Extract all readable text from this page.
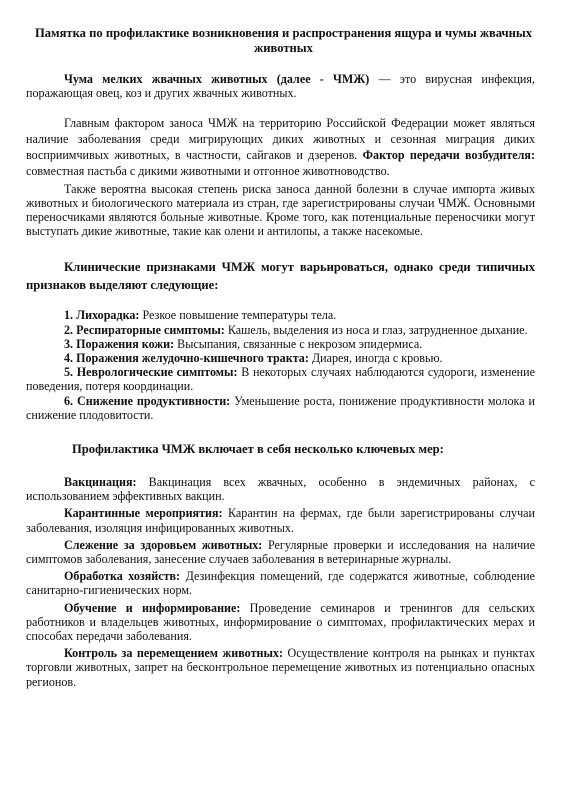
Памятка по профилактике возникновения и распространения ящура и чумы жвачных животных

Чума мелких жвачных животных (далее - ЧМЖ) — это вирусная инфекция, поражающая овец, коз и других жвачных животных.

Главным фактором заноса ЧМЖ на территорию Российской Федерации может являться наличие заболевания среди мигрирующих диких животных и сезонная миграция диких восприимчивых животных, в частности, сайгаков и дзеренов. Фактор передачи возбудителя: совместная пастьба с дикими животными и отгонное животноводство.

Также вероятна высокая степень риска заноса данной болезни в случае импорта живых животных и биологического материала из стран, где зарегистрированы случаи ЧМЖ. Основными переносчиками являются больные животные. Кроме того, как потенциальные переносчики могут выступать дикие животные, такие как олени и антилопы, а также насекомые.

Клинические признаками ЧМЖ могут варьироваться, однако среди типичных признаков выделяют следующие:

1. Лихорадка: Резкое повышение температуры тела.

2. Респираторные симптомы: Кашель, выделения из носа и глаз, затрудненное дыхание.

3. Поражения кожи: Высыпания, связанные с некрозом эпидермиса.

4. Поражения желудочно-кишечного тракта: Диарея, иногда с кровью.

5. Неврологические симптомы: В некоторых случаях наблюдаются судороги, изменение поведения, потеря координации.

6. Снижение продуктивности: Уменьшение роста, понижение продуктивности молока и снижение плодовитости.

Профилактика ЧМЖ включает в себя несколько ключевых мер:

Вакцинация: Вакцинация всех жвачных, особенно в эндемичных районах, с использованием эффективных вакцин.

Карантинные мероприятия: Карантин на фермах, где были зарегистрированы случаи заболевания, изоляция инфицированных животных.

Слежение за здоровьем животных: Регулярные проверки и исследования на наличие симптомов заболевания, занесение случаев заболевания в ветеринарные журналы.

Обработка хозяйств: Дезинфекция помещений, где содержатся животные, соблюдение санитарно-гигиенических норм.

Обучение и информирование: Проведение семинаров и тренингов для сельских работников и владельцев животных, информирование о симптомах, профилактических мерах и способах передачи заболевания.

Контроль за перемещением животных: Осуществление контроля на рынках и пунктах торговли животных, запрет на бесконтрольное перемещение животных из потенциально опасных регионов.
